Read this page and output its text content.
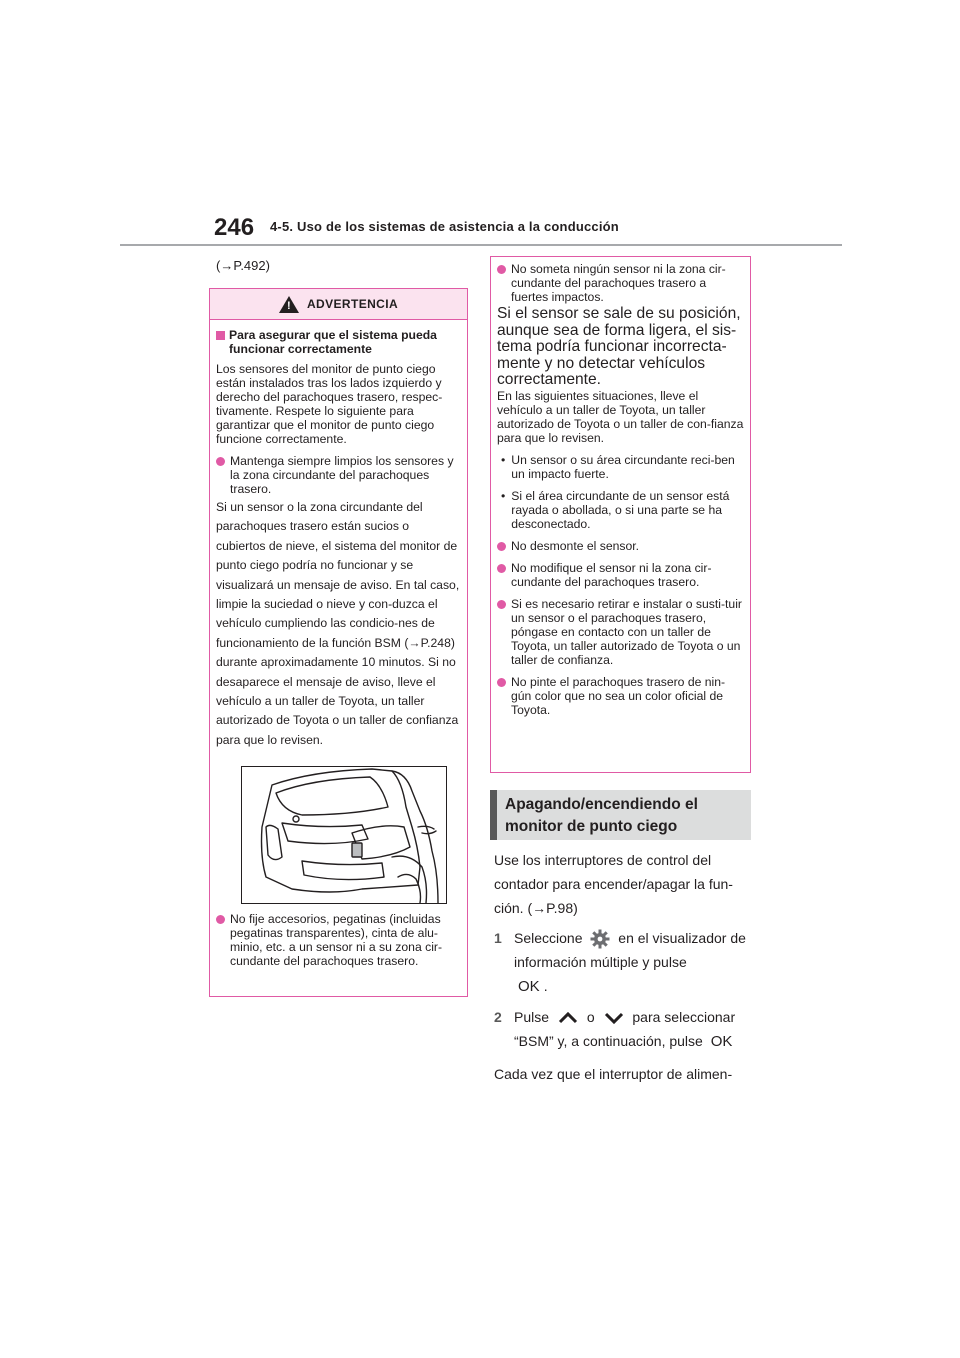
246 4-5. Uso de los sistemas de asistencia a la conducción
(→P.492)
!
ADVERTENCIA
Para asegurar que el sistema pueda funcionar correctamente
Los sensores del monitor de punto ciego están instalados tras los lados izquierdo y derecho del parachoques trasero, respec-tivamente. Respete lo siguiente para garantizar que el monitor de punto ciego funcione correctamente.
Mantenga siempre limpios los sensores y la zona circundante del parachoques trasero.
Si un sensor o la zona circundante del parachoques trasero están sucios o cubiertos de nieve, el sistema del monitor de punto ciego podría no funcionar y se visualizará un mensaje de aviso. En tal caso, limpie la suciedad o nieve y con-duzca el vehículo cumpliendo las condicio-nes de funcionamiento de la función BSM (→P.248) durante aproximadamente 10 minutos. Si no desaparece el mensaje de aviso, lleve el vehículo a un taller de Toyota, un taller autorizado de Toyota o un taller de confianza para que lo revisen.
No fije accesorios, pegatinas (incluidas pegatinas transparentes), cinta de alu-minio, etc. a un sensor ni a su zona cir-cundante del parachoques trasero.
No someta ningún sensor ni la zona cir-cundante del parachoques trasero a fuertes impactos.
Si el sensor se sale de su posición, aunque sea de forma ligera, el sis-tema podría funcionar incorrecta-mente y no detectar vehículos correctamente.
En las siguientes situaciones, lleve el vehículo a un taller de Toyota, un taller autorizado de Toyota o un taller de con-fianza para que lo revisen.
• Un sensor o su área circundante reci-ben un impacto fuerte.
• Si el área circundante de un sensor está rayada o abollada, o si una parte se ha desconectado.
No desmonte el sensor.
No modifique el sensor ni la zona cir-cundante del parachoques trasero.
Si es necesario retirar e instalar o susti-tuir un sensor o el parachoques trasero, póngase en contacto con un taller de Toyota, un taller autorizado de Toyota o un taller de confianza.
No pinte el parachoques trasero de nin-gún color que no sea un color oficial de Toyota.
Apagando/encendiendo el monitor de punto ciego
Use los interruptores de control del contador para encender/apagar la fun-ción. (→P.98)
1 Seleccione	en el visualizador de información múltiple y pulse
OK .
2 Pulse	o	para seleccionar “BSM” y, a continuación, pulse OK
Cada vez que el interruptor de alimen-
